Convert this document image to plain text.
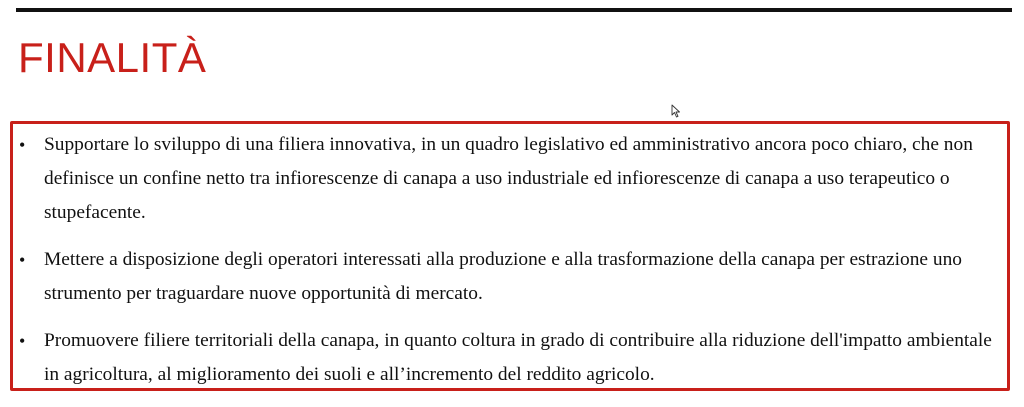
FINALITÀ
• Supportare lo sviluppo di una filiera innovativa, in un quadro legislativo ed amministrativo ancora poco chiaro, che non definisce un confine netto tra infiorescenze di canapa a uso industriale ed infiorescenze di canapa a uso terapeutico o stupefacente.
• Mettere a disposizione degli operatori interessati alla produzione e alla trasformazione della canapa per estrazione uno strumento per traguardare nuove opportunità di mercato.
• Promuovere filiere territoriali della canapa, in quanto coltura in grado di contribuire alla riduzione dell'impatto ambientale in agricoltura, al miglioramento dei suoli e all’incremento del reddito agricolo.
